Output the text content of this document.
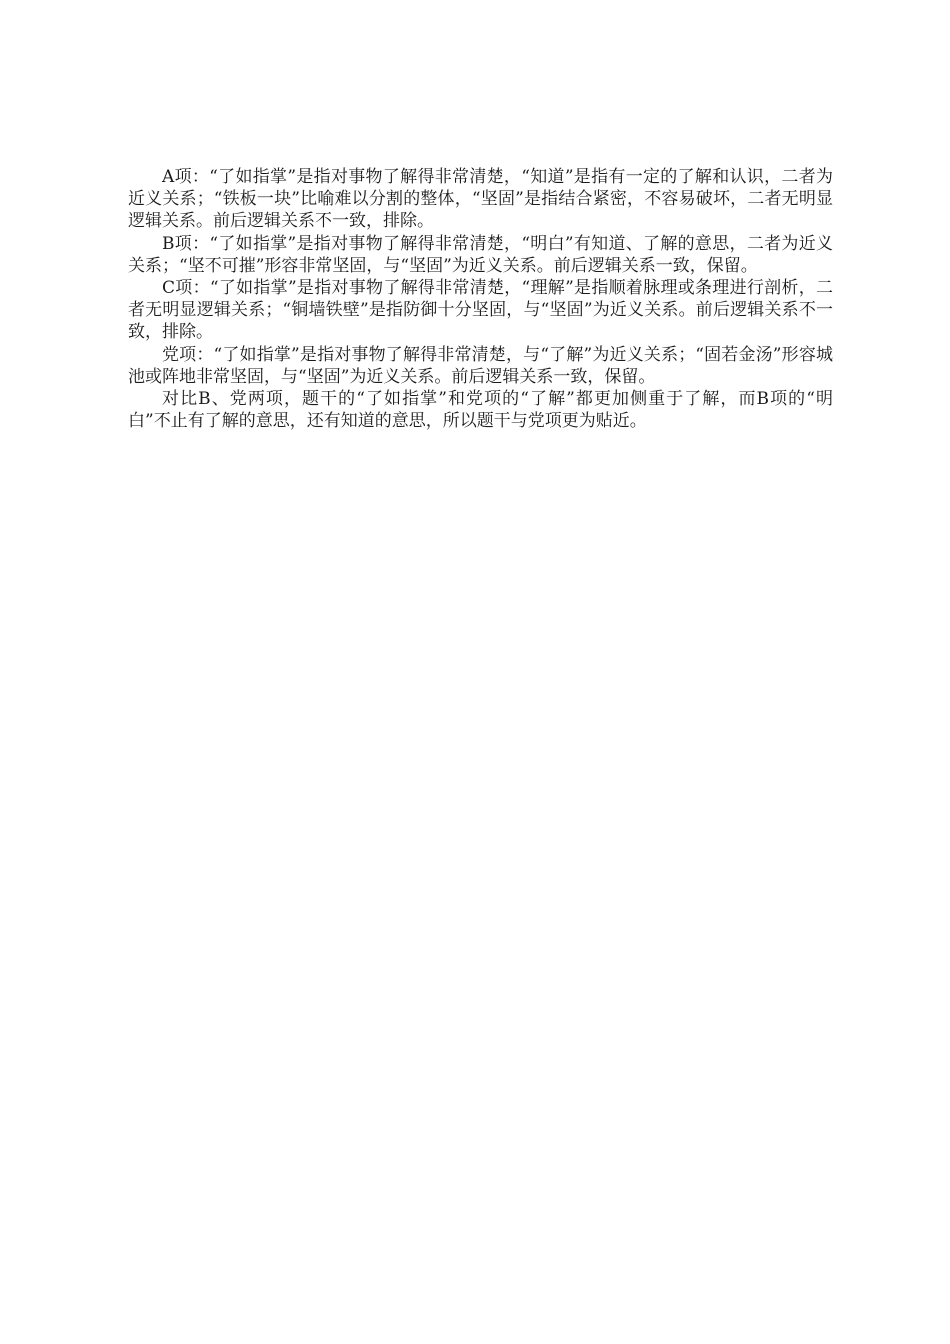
A项：“了如指掌”是指对事物了解得非常清楚，“知道”是指有一定的了解和认识，二者为近义关系；“铁板一块”比喻难以分割的整体，“坚固”是指结合紧密，不容易破坏，二者无明显逻辑关系。前后逻辑关系不一致，排除。

B项：“了如指掌”是指对事物了解得非常清楚，“明白”有知道、了解的意思，二者为近义关系；“坚不可摧”形容非常坚固，与“坚固”为近义关系。前后逻辑关系一致，保留。

C项：“了如指掌”是指对事物了解得非常清楚，“理解”是指顺着脉理或条理进行剖析，二者无明显逻辑关系；“铜墙铁壁”是指防御十分坚固，与“坚固”为近义关系。前后逻辑关系不一致，排除。

党项：“了如指掌”是指对事物了解得非常清楚，与“了解”为近义关系；“固若金汤”形容城池或阵地非常坚固，与“坚固”为近义关系。前后逻辑关系一致，保留。

对比B、党两项，题干的“了如指掌”和党项的“了解”都更加侧重于了解，而B项的“明白”不止有了解的意思，还有知道的意思，所以题干与党项更为贴近。
